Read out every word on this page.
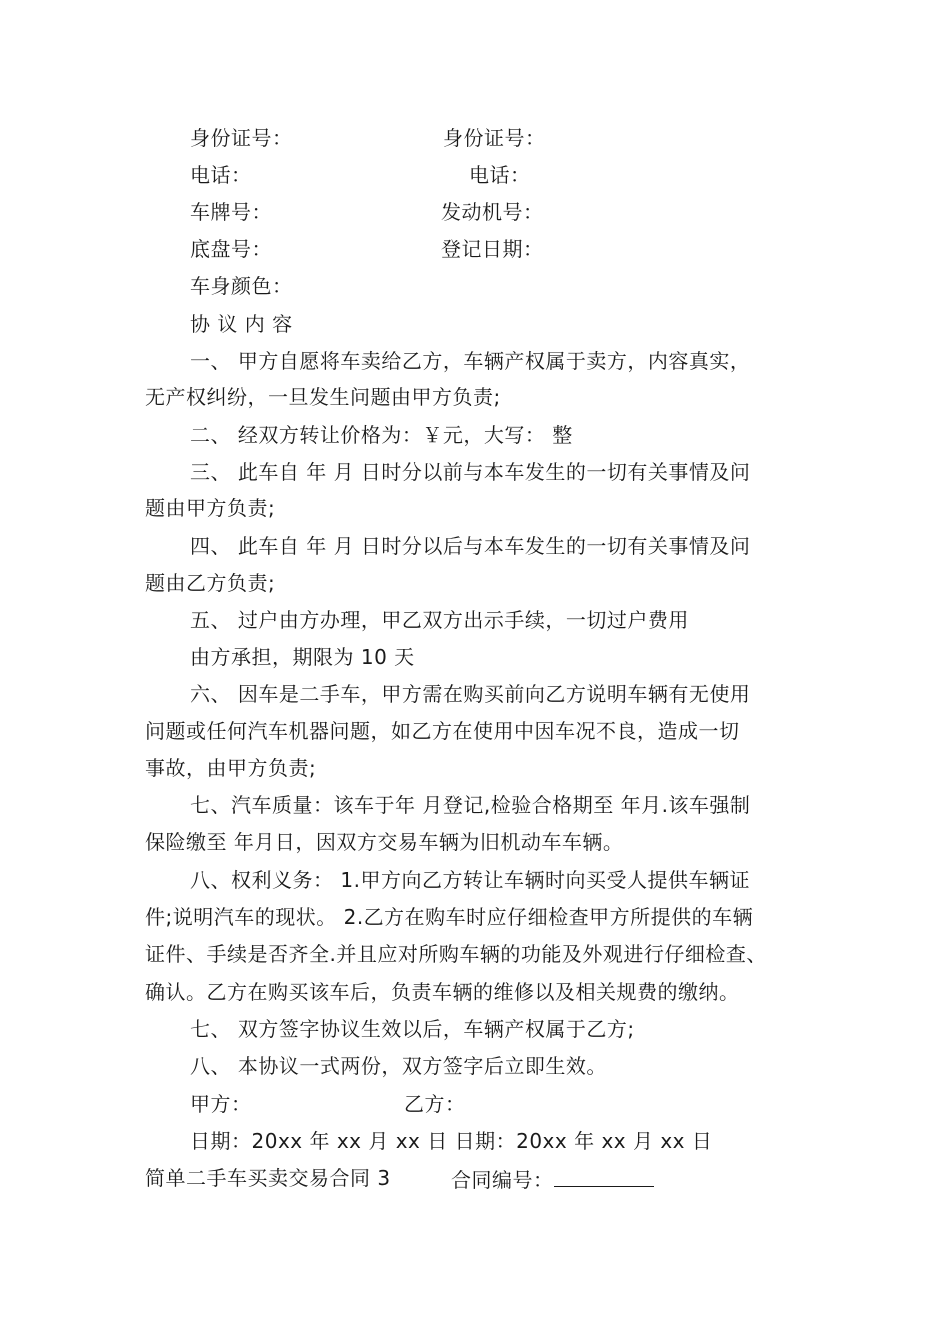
身份证号：	身份证号：
电话：	电话：
车牌号：	发动机号：
底盘号：	登记日期：
车身颜色：
协 议 内 容
一、 甲方自愿将车卖给乙方，车辆产权属于卖方，内容真实，
无产权纠纷，一旦发生问题由甲方负责;
二、 经双方转让价格为：￥元，大写： 整
三、 此车自 年 月 日时分以前与本车发生的一切有关事情及问
题由甲方负责;
四、 此车自 年 月 日时分以后与本车发生的一切有关事情及问
题由乙方负责;
五、 过户由方办理，甲乙双方出示手续，一切过户费用
由方承担，期限为 10 天
六、 因车是二手车，甲方需在购买前向乙方说明车辆有无使用
问题或任何汽车机器问题，如乙方在使用中因车况不良，造成一切
事故，由甲方负责;
七、汽车质量：该车于年 月登记,检验合格期至 年月.该车强制
保险缴至 年月日，因双方交易车辆为旧机动车车辆。
八、权利义务： 1.甲方向乙方转让车辆时向买受人提供车辆证
件;说明汽车的现状。 2.乙方在购车时应仔细检查甲方所提供的车辆
证件、手续是否齐全.并且应对所购车辆的功能及外观进行仔细检查、
确认。乙方在购买该车后，负责车辆的维修以及相关规费的缴纳。
七、 双方签字协议生效以后，车辆产权属于乙方;
八、 本协议一式两份，双方签字后立即生效。
甲方：	乙方：
日期：20xx 年 xx 月 xx 日 日期：20xx 年 xx 月 xx 日
简单二手车买卖交易合同 3	合同编号：
